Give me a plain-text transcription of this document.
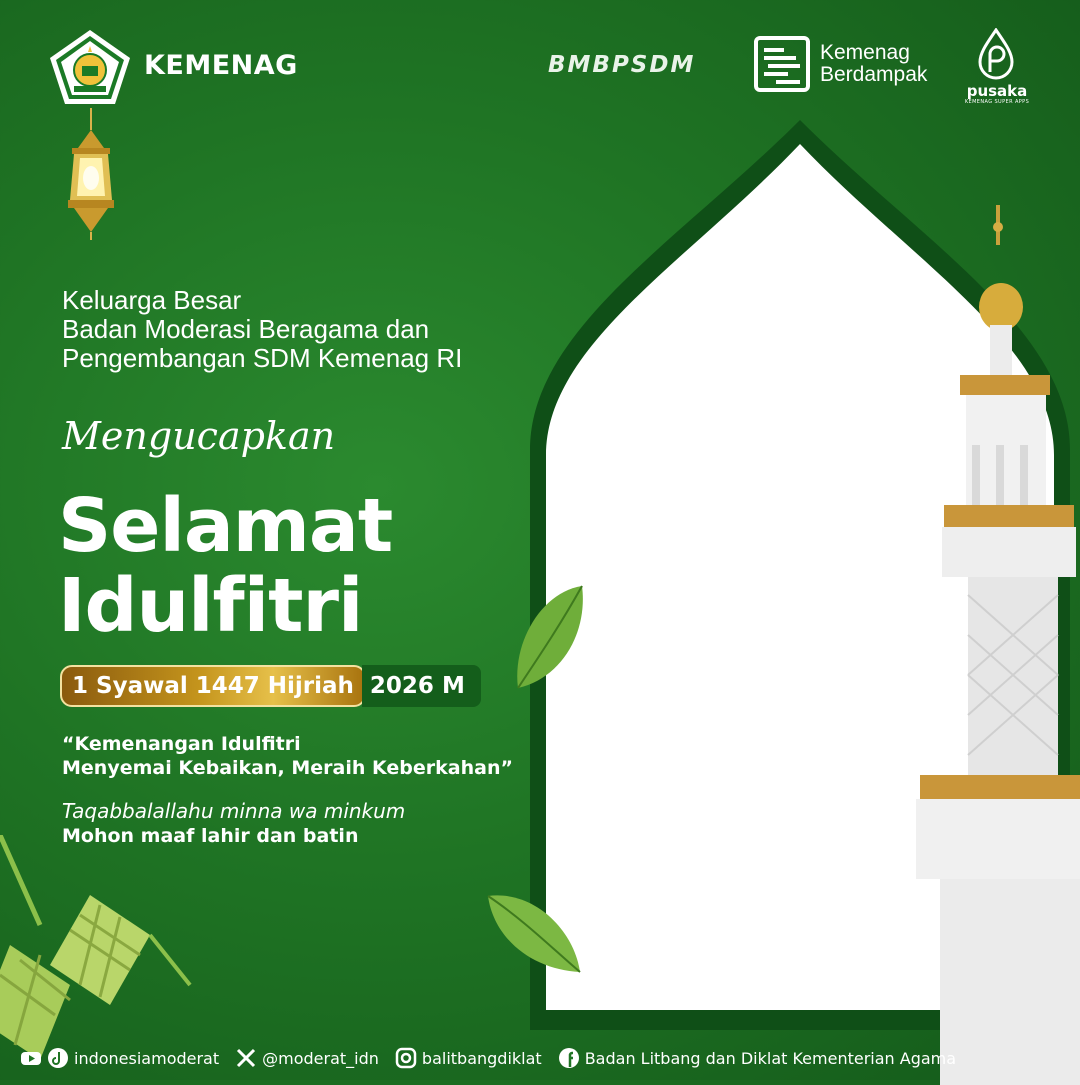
KEMENAG	BMBPSDM	Kemenag
Berdampak
pusaka
KEMENAG SUPER APPS
Keluarga Besar
Badan Moderasi Beragama dan
Pengembangan SDM Kemenag RI
Mengucapkan
Selamat
Idulfitri
1 Syawal 1447 Hijriah 2026 M
“Kemenangan Idulfitri
Menyemai Kebaikan, Meraih Keberkahan”
Taqabbalallahu minna wa minkum
Mohon maaf lahir dan batin
indonesiamoderat	@moderat_idn	balitbangdiklat	Badan Litbang dan Diklat Kementerian Agama
